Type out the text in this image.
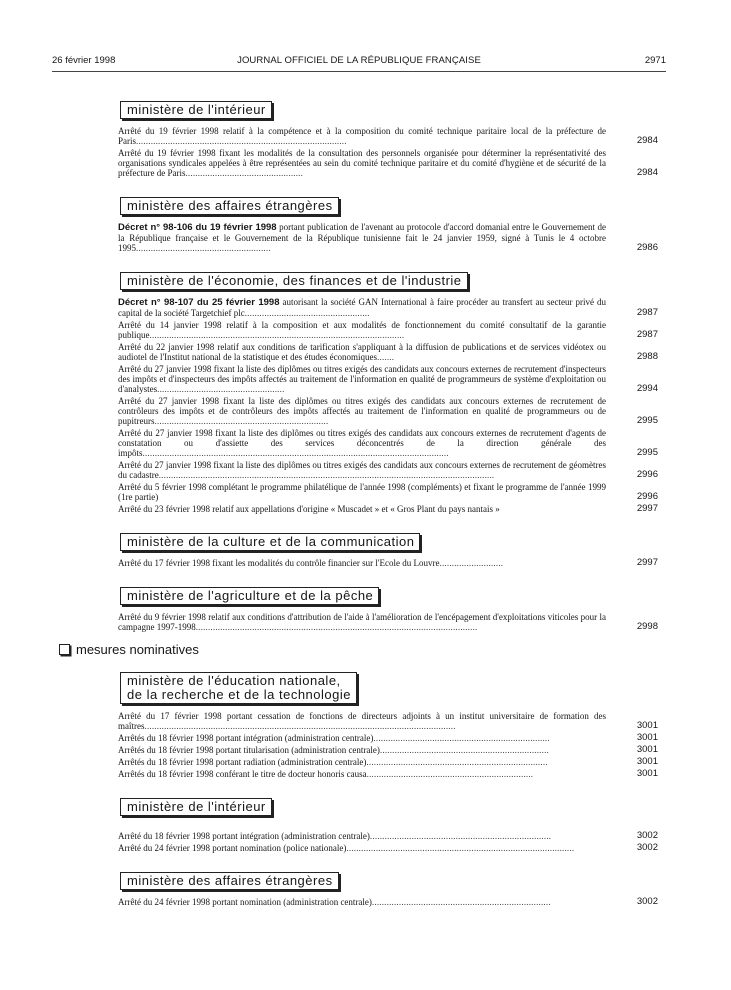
26 février 1998	JOURNAL OFFICIEL DE LA RÉPUBLIQUE FRANÇAISE	2971
ministère de l'intérieur
Arrêté du 19 février 1998 relatif à la compétence et à la composition du comité technique paritaire local de la préfecture de Paris......................................................................................	2984
Arrêté du 19 février 1998 fixant les modalités de la consultation des personnels organisée pour déterminer la représentativité des organisations syndicales appelées à être représentées au sein du comité technique paritaire et du comité d'hygiène et de sécurité de la préfecture de Paris................................................	2984
ministère des affaires étrangères
Décret n° 98-106 du 19 février 1998 portant publication de l'avenant au protocole d'accord domanial entre le Gouvernement de la République française et le Gouvernement de la République tunisienne fait le 24 janvier 1959, signé à Tunis le 4 octobre 1995.......................................................	2986
ministère de l'économie, des finances et de l'industrie
Décret n° 98-107 du 25 février 1998 autorisant la société GAN International à faire procéder au transfert au secteur privé du capital de la société Targetchief plc...................................................	2987
Arrêté du 14 janvier 1998 relatif à la composition et aux modalités de fonctionnement du comité consultatif de la garantie publique........................................................................................................	2987
Arrêté du 22 janvier 1998 relatif aux conditions de tarification s'appliquant à la diffusion de publications et de services vidéotex ou audiotel de l'Institut national de la statistique et des études économiques.......	2988
Arrêté du 27 janvier 1998 fixant la liste des diplômes ou titres exigés des candidats aux concours externes de recrutement d'inspecteurs des impôts et d'inspecteurs des impôts affectés au traitement de l'information en qualité de programmeurs de système d'exploitation ou d'analystes....................................................	2994
Arrêté du 27 janvier 1998 fixant la liste des diplômes ou titres exigés des candidats aux concours externes de recrutement de contrôleurs des impôts et de contrôleurs des impôts affectés au traitement de l'information en qualité de programmeurs ou de pupitreurs.......................................................................	2995
Arrêté du 27 janvier 1998 fixant la liste des diplômes ou titres exigés des candidats aux concours externes de recrutement d'agents de constatation ou d'assiette des services déconcentrés de la direction générale des impôts.............................................................................................................................	2995
Arrêté du 27 janvier 1998 fixant la liste des diplômes ou titres exigés des candidats aux concours externes de recrutement de géomètres du cadastre.........................................................................................................................................	2996
Arrêté du 5 février 1998 complétant le programme philatélique de l'année 1998 (compléments) et fixant le programme de l'année 1999 (1re partie)	2996
Arrêté du 23 février 1998 relatif aux appellations d'origine « Muscadet » et « Gros Plant du pays nantais »	2997
ministère de la culture et de la communication
Arrêté du 17 février 1998 fixant les modalités du contrôle financier sur l'Ecole du Louvre..........................	2997
ministère de l'agriculture et de la pêche
Arrêté du 9 février 1998 relatif aux conditions d'attribution de l'aide à l'amélioration de l'encépagement d'exploitations viticoles pour la campagne 1997-1998...................................................................................................................	2998
mesures nominatives
ministère de l'éducation nationale,
de la recherche et de la technologie
Arrêté du 17 février 1998 portant cessation de fonctions de directeurs adjoints à un institut universitaire de formation des maîtres...............................................................................................................................	3001
Arrêtés du 18 février 1998 portant intégration (administration centrale)........................................................................	3001
Arrêtés du 18 février 1998 portant titularisation (administration centrale).....................................................................	3001
Arrêtés du 18 février 1998 portant radiation (administration centrale)..........................................................................	3001
Arrêtés du 18 février 1998 conférant le titre de docteur honoris causa....................................................................	3001
ministère de l'intérieur
Arrêté du 18 février 1998 portant intégration (administration centrale)..........................................................................	3002
Arrêté du 24 février 1998 portant nomination (police nationale).............................................................................................	3002
ministère des affaires étrangères
Arrêté du 24 février 1998 portant nomination (administration centrale).........................................................................	3002
